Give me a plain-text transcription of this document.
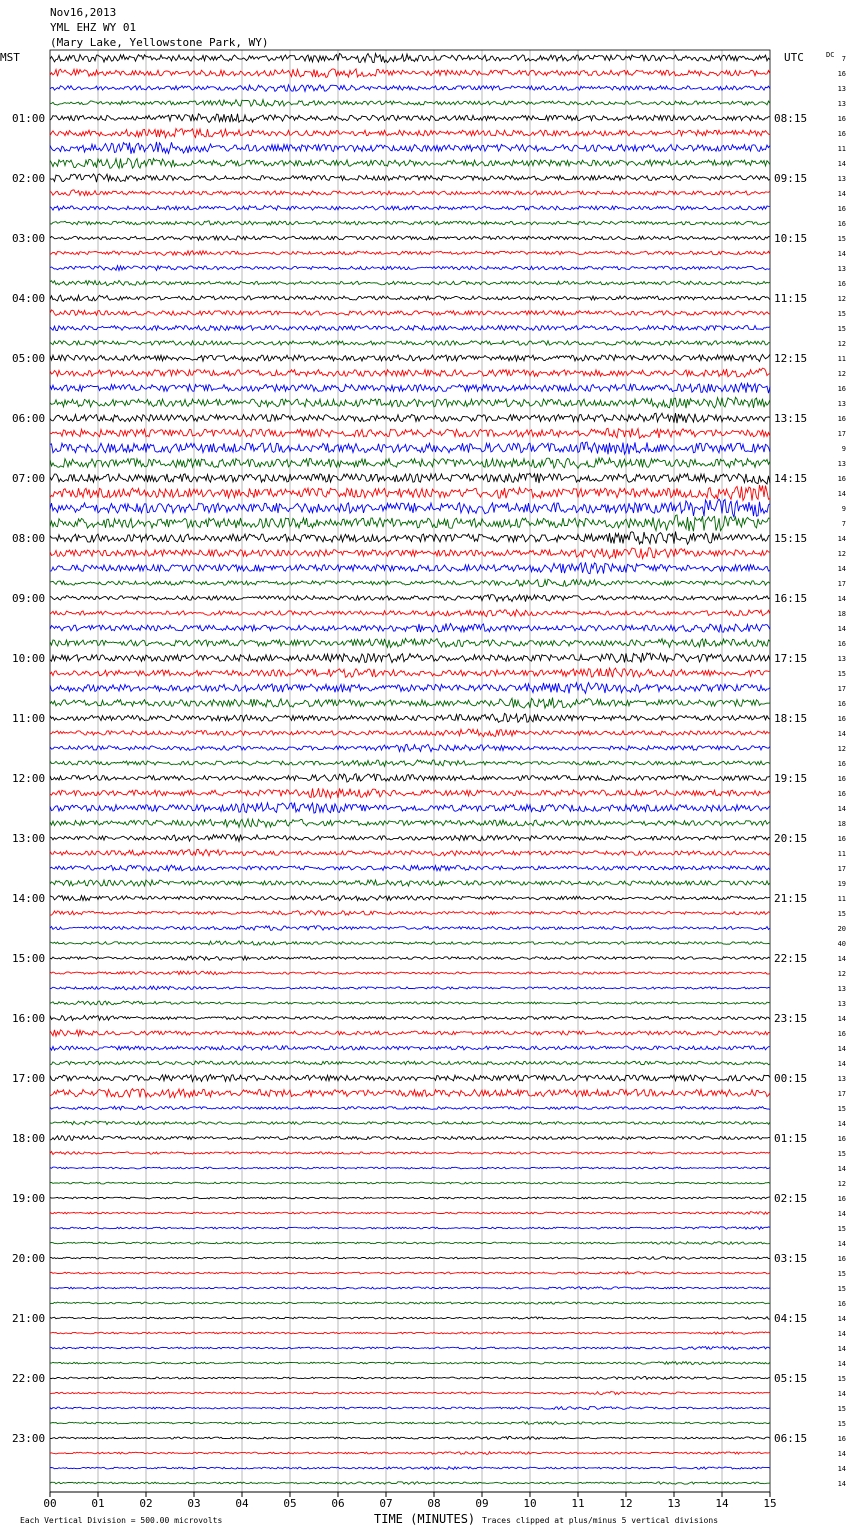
Nov16,2013
YML EHZ WY 01
(Mary Lake, Yellowstone Park, WY)
MST	UTC	DC
01:00
02:00
03:00
04:00
05:00
06:00
07:00
08:00
09:00
10:00
11:00
12:00
13:00
14:00
15:00
16:00
17:00
18:00
19:00
20:00
21:00
22:00
23:00
08:15
09:15
10:15
11:15
12:15
13:15
14:15
15:15
16:15
17:15
18:15
19:15
20:15
21:15
22:15
23:15
00:15
01:15
02:15
03:15
04:15
05:15
06:15
7
16
13
13
16
16
11
14
13
14
16
16
15
14
13
16
12
15
15
12
11
12
16
13
16
17
9
13
16
14
9
7
14
12
14
17
14
18
14
16
13
15
17
16
16
14
12
16
16
16
14
18
16
11
17
19
11
15
20
40
14
12
13
13
14
16
14
14
13
17
15
14
16
15
14
12
16
14
15
14
16
15
15
16
14
14
14
14
15
14
15
15
16
14
14
14
00	01	02	03	04	05	06	07	08	09	10	11	12	13	14	15
TIME (MINUTES)
Each Vertical Division = 500.00 microvolts	Traces clipped at plus/minus 5 vertical divisions
